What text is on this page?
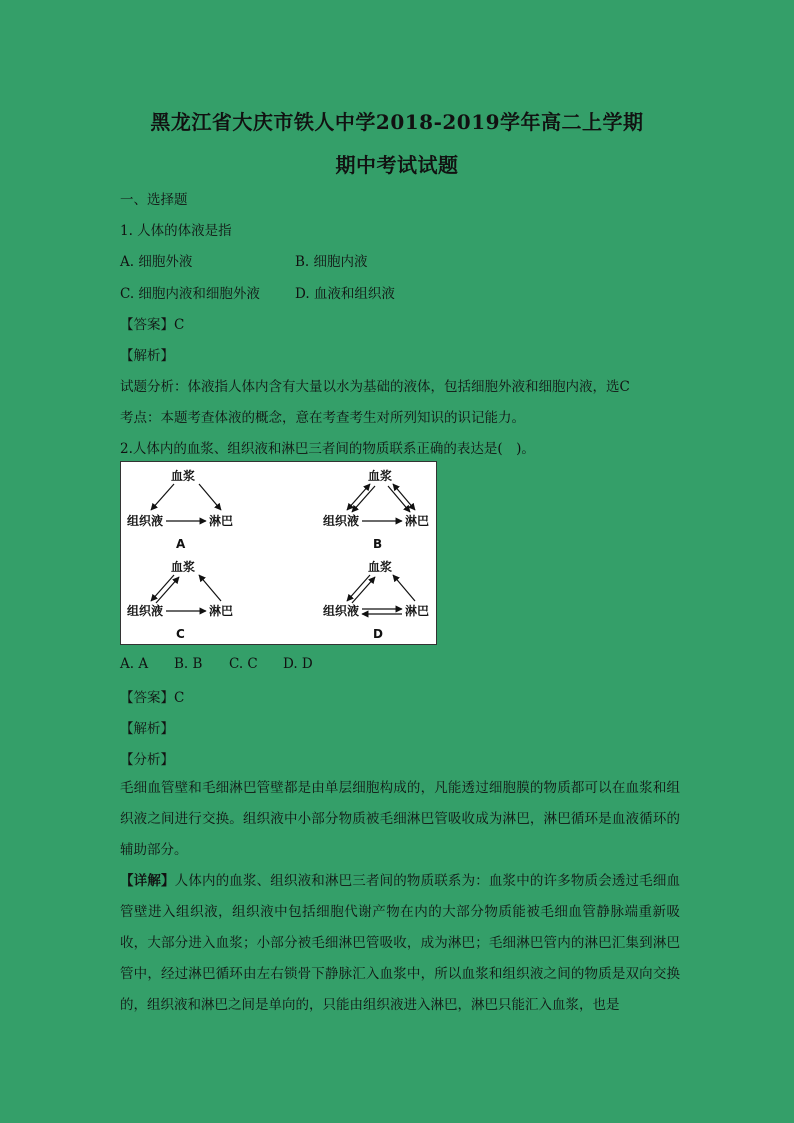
黑龙江省大庆市铁人中学2018-2019学年高二上学期
期中考试试题
一、选择题
1. 人体的体液是指
A. 细胞外液	B. 细胞内液
C. 细胞内液和细胞外液	D. 血液和组织液
【答案】C
【解析】
试题分析：体液指人体内含有大量以水为基础的液体，包括细胞外液和细胞内液，选C
考点：本题考查体液的概念，意在考查考生对所列知识的识记能力。
2.人体内的血浆、组织液和淋巴三者间的物质联系正确的表达是(　)。
血浆
组织液	淋巴
A
血浆
组织液	淋巴
B
血浆
组织液	淋巴
C
血浆
组织液	淋巴
D
A. A B. B C. C D. D
【答案】C
【解析】
【分析】
毛细血管壁和毛细淋巴管壁都是由单层细胞构成的，凡能透过细胞膜的物质都可以在血浆和组织液之间进行交换。组织液中小部分物质被毛细淋巴管吸收成为淋巴，淋巴循环是血液循环的辅助部分。
【详解】人体内的血浆、组织液和淋巴三者间的物质联系为：血浆中的许多物质会透过毛细血管壁进入组织液，组织液中包括细胞代谢产物在内的大部分物质能被毛细血管静脉端重新吸收，大部分进入血浆；小部分被毛细淋巴管吸收，成为淋巴；毛细淋巴管内的淋巴汇集到淋巴管中，经过淋巴循环由左右锁骨下静脉汇入血浆中，所以血浆和组织液之间的物质是双向交换的，组织液和淋巴之间是单向的，只能由组织液进入淋巴，淋巴只能汇入血浆，也是
